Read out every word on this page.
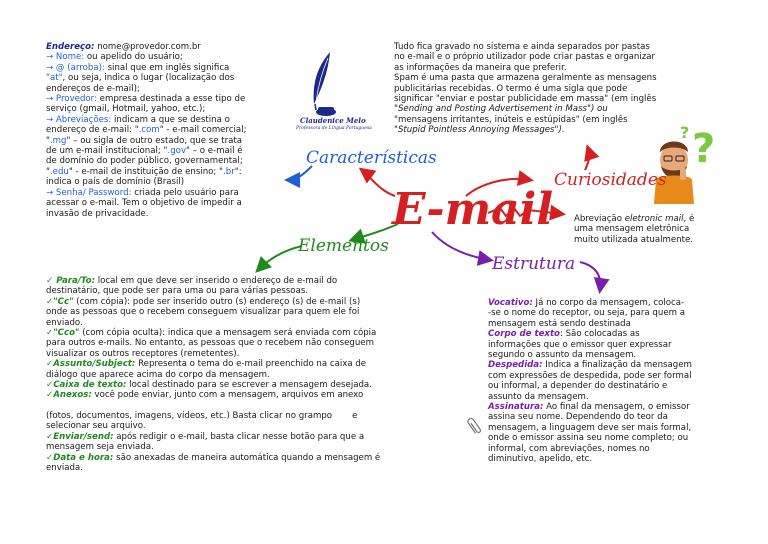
?
?
Claudenice Melo
Professora de Língua Portuguesa
E-mail
Características
Curiosidades
Elementos
Estrutura

Endereço: nome@provedor.com.br

→ Nome: ou apelido do usuário;

→ @ (arroba): sinal que em inglês significa

"at", ou seja, indica o lugar (localização dos

endereços de e-mail);

→ Provedor: empresa destinada a esse tipo de

serviço (gmail, Hotmail, yahoo, etc.);

→ Abreviações: indicam a que se destina o

endereço de e-mail: ".com" - e-mail comercial;

".mg" – ou sigla de outro estado, que se trata

de um e-mail institucional; ".gov" – o e-mail é

de domínio do poder público, governamental;

".edu" - e-mail de instituição de ensino; ".br":

indica o país de domínio (Brasil)

→ Senha/ Password: criada pelo usuário para

acessar o e-mail. Tem o objetivo de impedir a

invasão de privacidade.

Tudo fica gravado no sistema e ainda separados por pastas

no e-mail e o próprio utilizador pode criar pastas e organizar

as informações da maneira que preferir.

Spam é uma pasta que armazena geralmente as mensagens

publicitárias recebidas. O termo é uma sigla que pode

significar "enviar e postar publicidade em massa" (em inglês

"Sending and Posting Advertisement in Mass") ou

"mensagens irritantes, inúteis e estúpidas" (em inglês

"Stupid Pointless Annoying Messages").

Abreviação eletronic mail, é

uma mensagem eletrônica

muito utilizada atualmente.

✓ Para/To: local em que deve ser inserido o endereço de e-mail do

destinatário, que pode ser para uma ou para várias pessoas.

✓"Cc" (com cópia): pode ser inserido outro (s) endereço (s) de e-mail (s)

onde as pessoas que o recebem conseguem visualizar para quem ele foi

enviado.

✓"Cco" (com cópia oculta): indica que a mensagem será enviada com cópia

para outros e-mails. No entanto, as pessoas que o recebem não conseguem

visualizar os outros receptores (remetentes).

✓Assunto/Subject: Representa o tema do e-mail preenchido na caixa de

diálogo que aparece acima do corpo da mensagem.

✓Caixa de texto: local destinado para se escrever a mensagem desejada.

✓Anexos: você pode enviar, junto com a mensagem, arquivos em anexo

(fotos, documentos, imagens, vídeos, etc.) Basta clicar no grampo e

selecionar seu arquivo.

✓Enviar/send: após redigir o e-mail, basta clicar nesse botão para que a

mensagem seja enviada.

✓Data e hora: são anexadas de maneira automática quando a mensagem é

enviada.

Vocativo: Já no corpo da mensagem, coloca-

-se o nome do receptor, ou seja, para quem a

mensagem está sendo destinada

Corpo de texto: São colocadas as

informações que o emissor quer expressar

segundo o assunto da mensagem.

Despedida: Indica a finalização da mensagem

com expressões de despedida, pode ser formal

ou informal, a depender do destinatário e

assunto da mensagem.

Assinatura: Ao final da mensagem, o emissor

assina seu nome. Dependendo do teor da

mensagem, a linguagem deve ser mais formal,

onde o emissor assina seu nome completo; ou

informal, com abreviações, nomes no

diminutivo, apelido, etc.
